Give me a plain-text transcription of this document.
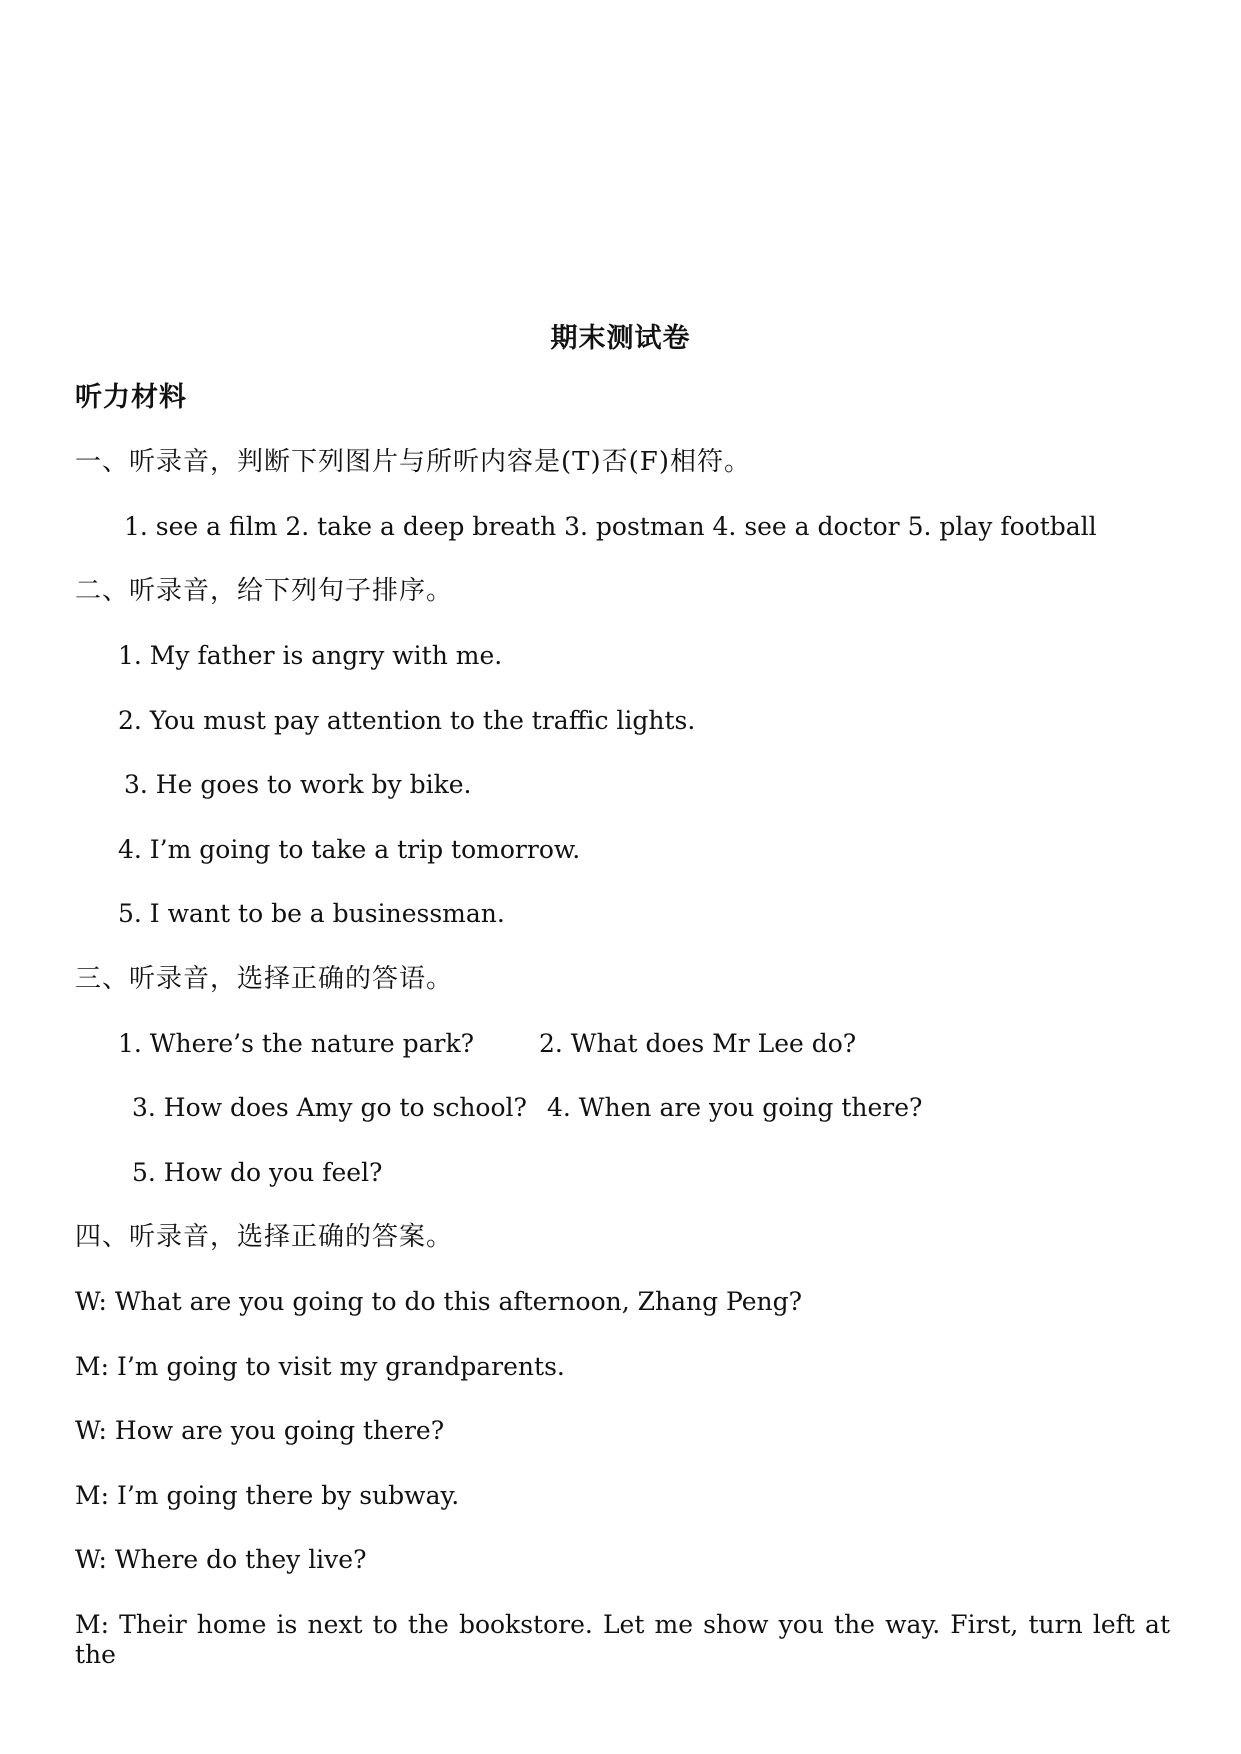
期末测试卷
听力材料
一、听录音，判断下列图片与所听内容是(T)否(F)相符。
1. see a film 2. take a deep breath 3. postman 4. see a doctor 5. play football
二、听录音，给下列句子排序。
1. My father is angry with me.
2. You must pay attention to the traffic lights.
3. He goes to work by bike.
4. I’m going to take a trip tomorrow.
5. I want to be a businessman.
三、听录音，选择正确的答语。
1. Where’s the nature park?	2. What does Mr Lee do?
3. How does Amy go to school? 4. When are you going there?
5. How do you feel?
四、听录音，选择正确的答案。
W: What are you going to do this afternoon, Zhang Peng?
M: I’m going to visit my grandparents.
W: How are you going there?
M: I’m going there by subway.
W: Where do they live?
M: Their home is next to the bookstore. Let me show you the way. First, turn left at the
